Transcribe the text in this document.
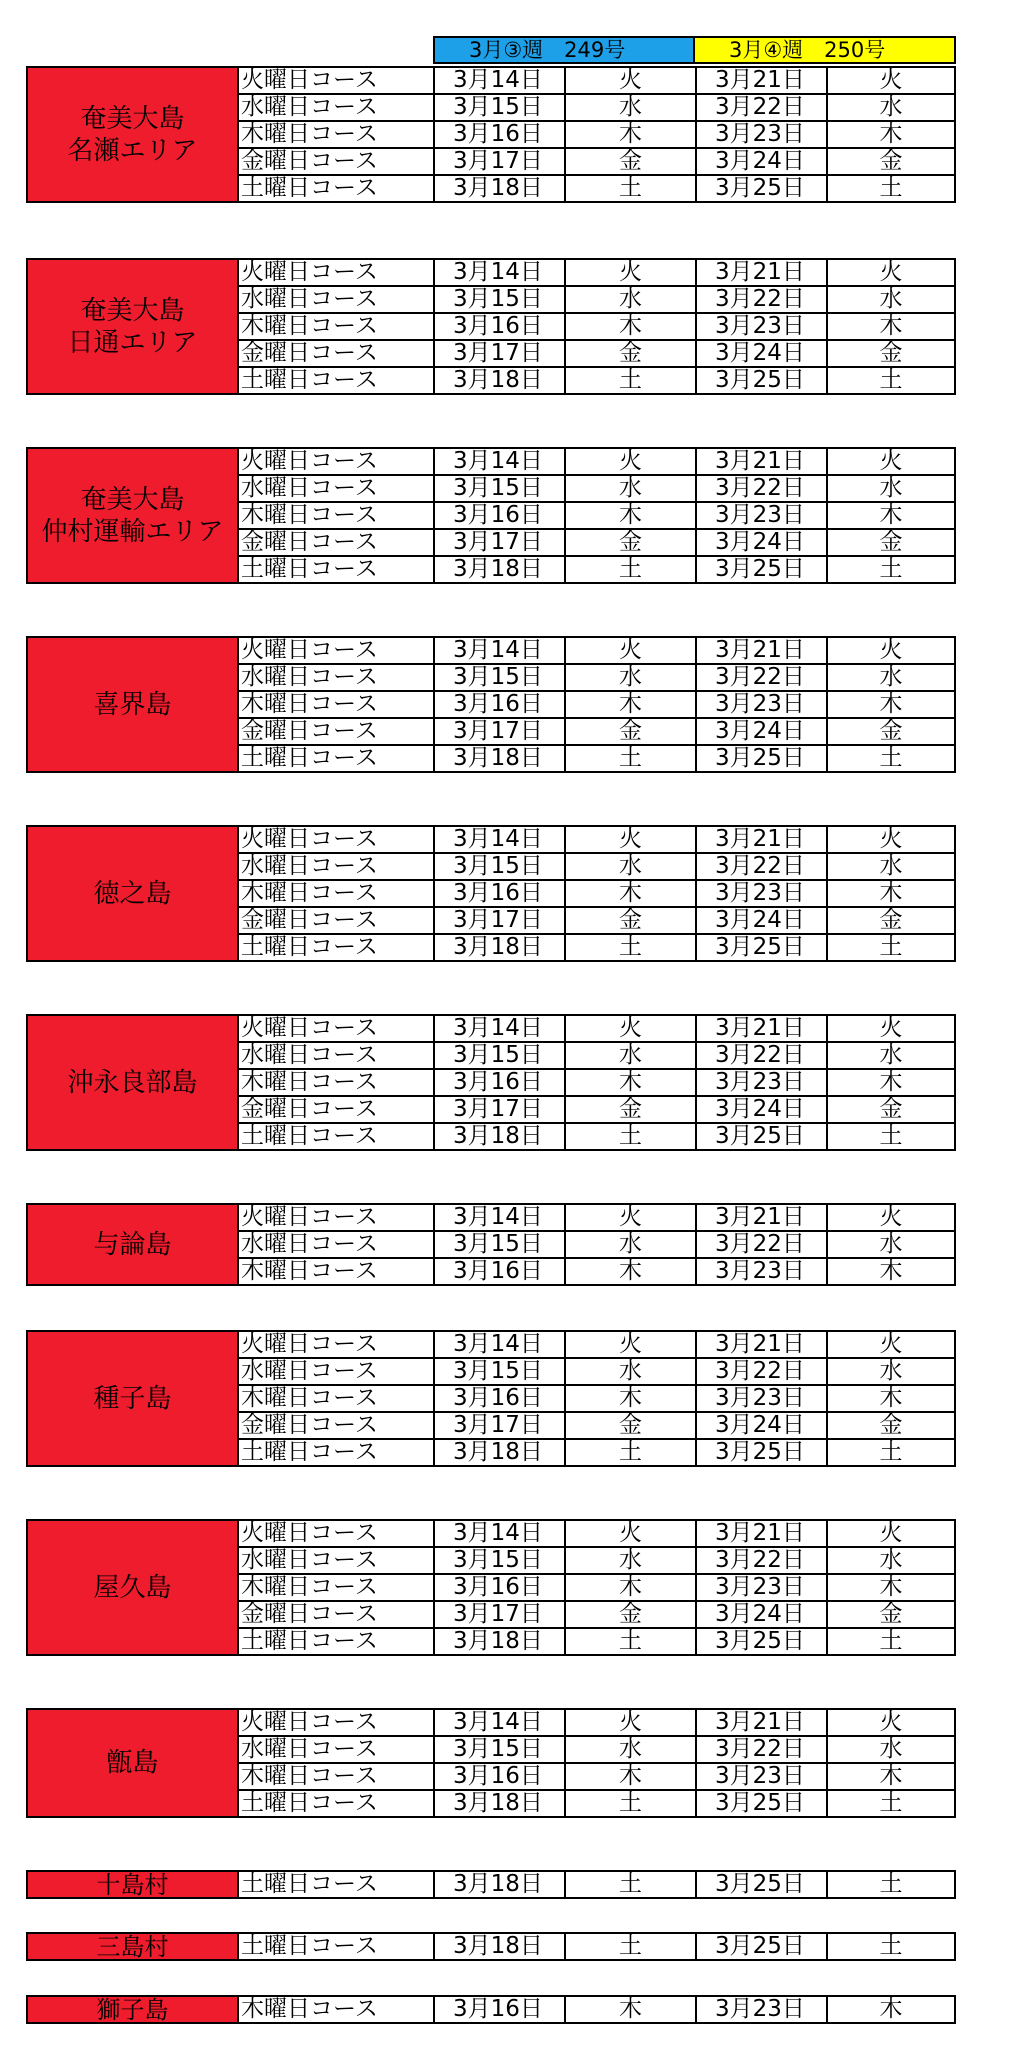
3月③週　249号	3月④週　250号
奄美大島
名瀬エリア
火曜日コース	3月14日	火	3月21日	火
水曜日コース	3月15日	水	3月22日	水
木曜日コース	3月16日	木	3月23日	木
金曜日コース	3月17日	金	3月24日	金
土曜日コース	3月18日	土	3月25日	土
奄美大島
日通エリア
火曜日コース	3月14日	火	3月21日	火
水曜日コース	3月15日	水	3月22日	水
木曜日コース	3月16日	木	3月23日	木
金曜日コース	3月17日	金	3月24日	金
土曜日コース	3月18日	土	3月25日	土
奄美大島
仲村運輸エリア
火曜日コース	3月14日	火	3月21日	火
水曜日コース	3月15日	水	3月22日	水
木曜日コース	3月16日	木	3月23日	木
金曜日コース	3月17日	金	3月24日	金
土曜日コース	3月18日	土	3月25日	土
喜界島
火曜日コース	3月14日	火	3月21日	火
水曜日コース	3月15日	水	3月22日	水
木曜日コース	3月16日	木	3月23日	木
金曜日コース	3月17日	金	3月24日	金
土曜日コース	3月18日	土	3月25日	土
徳之島
火曜日コース	3月14日	火	3月21日	火
水曜日コース	3月15日	水	3月22日	水
木曜日コース	3月16日	木	3月23日	木
金曜日コース	3月17日	金	3月24日	金
土曜日コース	3月18日	土	3月25日	土
沖永良部島
火曜日コース	3月14日	火	3月21日	火
水曜日コース	3月15日	水	3月22日	水
木曜日コース	3月16日	木	3月23日	木
金曜日コース	3月17日	金	3月24日	金
土曜日コース	3月18日	土	3月25日	土
与論島
火曜日コース	3月14日	火	3月21日	火
水曜日コース	3月15日	水	3月22日	水
木曜日コース	3月16日	木	3月23日	木
種子島
火曜日コース	3月14日	火	3月21日	火
水曜日コース	3月15日	水	3月22日	水
木曜日コース	3月16日	木	3月23日	木
金曜日コース	3月17日	金	3月24日	金
土曜日コース	3月18日	土	3月25日	土
屋久島
火曜日コース	3月14日	火	3月21日	火
水曜日コース	3月15日	水	3月22日	水
木曜日コース	3月16日	木	3月23日	木
金曜日コース	3月17日	金	3月24日	金
土曜日コース	3月18日	土	3月25日	土
甑島
火曜日コース	3月14日	火	3月21日	火
水曜日コース	3月15日	水	3月22日	水
木曜日コース	3月16日	木	3月23日	木
土曜日コース	3月18日	土	3月25日	土
十島村	土曜日コース	3月18日	土	3月25日	土
三島村	土曜日コース	3月18日	土	3月25日	土
獅子島	木曜日コース	3月16日	木	3月23日	木
